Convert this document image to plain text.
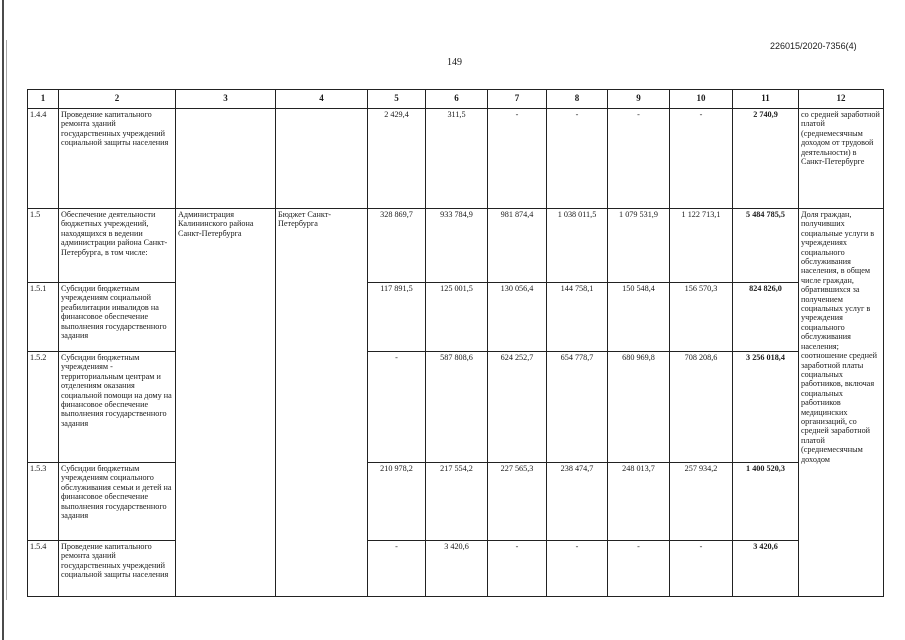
226015/2020-7356(4)
149
1	2	3	4	5	6	7	8	9	10	11	12
1.4.4	Проведение капитального ремонта зданий государственных учреждений социальной защиты населения			2 429,4	311,5	-	-	-	-	2 740,9	со средней заработной платой (среднемесячным доходом от трудовой деятельности) в Санкт-Петербурге
1.5	Обеспечение деятельности бюджетных учреждений, находящихся в ведении администрации района Санкт-Петербурга, в том числе:	Администрация Калининского района Санкт-Петербурга	Бюджет Санкт-Петербурга	328 869,7	933 784,9	981 874,4	1 038 011,5	1 079 531,9	1 122 713,1	5 484 785,5	Доля граждан, получивших социальные услуги в учреждениях социального обслуживания населения, в общем числе граждан, обратившихся за получением социальных услуг в учреждения социального обслуживания населения; соотношение средней заработной платы социальных работников, включая социальных работников медицинских организаций, со средней заработной платой (среднемесячным доходом
1.5.1	Субсидии бюджетным учреждениям социальной реабилитации инвалидов на финансовое обеспечение выполнения государственного задания			117 891,5	125 001,5	130 056,4	144 758,1	150 548,4	156 570,3	824 826,0	
1.5.2	Субсидии бюджетным учреждениям - территориальным центрам и отделениям оказания социальной помощи на дому на финансовое обеспечение выполнения государственного задания			-	587 808,6	624 252,7	654 778,7	680 969,8	708 208,6	3 256 018,4	
1.5.3	Субсидии бюджетным учреждениям социального обслуживания семьи и детей на финансовое обеспечение выполнения государственного задания			210 978,2	217 554,2	227 565,3	238 474,7	248 013,7	257 934,2	1 400 520,3	
1.5.4	Проведение капитального ремонта зданий государственных учреждений социальной защиты населения			-	3 420,6	-	-	-	-	3 420,6	
